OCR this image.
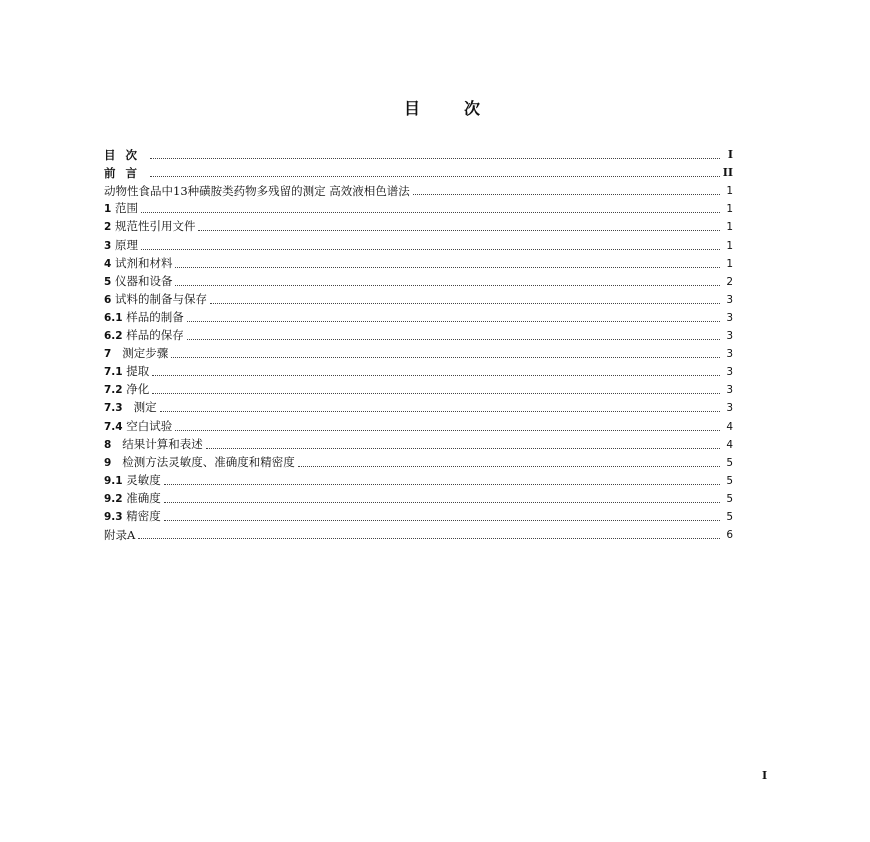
目　次
目次	I
前言	II
动物性食品中13种磺胺类药物多残留的测定 高效液相色谱法	1
1 范围	1
2 规范性引用文件	1
3 原理	1
4 试剂和材料	1
5 仪器和设备	2
6 试料的制备与保存	3
6.1 样品的制备	3
6.2 样品的保存	3
7   测定步骤	3
7.1 提取	3
7.2 净化	3
7.3   测定	3
7.4 空白试验	4
8   结果计算和表述	4
9   检测方法灵敏度、准确度和精密度	5
9.1 灵敏度	5
9.2 准确度	5
9.3 精密度	5
附录A	6
I
